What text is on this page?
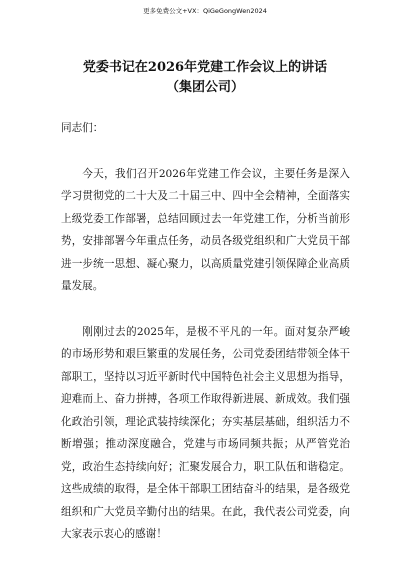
更多免费公文+VX：QiGeGongWen2024
党委书记在2026年党建工作会议上的讲话
（集团公司）

同志们：

今天，我们召开2026年党建工作会议，主要任务是深入学习贯彻党的二十大及二十届三中、四中全会精神，全面落实上级党委工作部署，总结回顾过去一年党建工作，分析当前形势，安排部署今年重点任务，动员各级党组织和广大党员干部进一步统一思想、凝心聚力，以高质量党建引领保障企业高质量发展。

刚刚过去的2025年，是极不平凡的一年。面对复杂严峻的市场形势和艰巨繁重的发展任务，公司党委团结带领全体干部职工，坚持以习近平新时代中国特色社会主义思想为指导，迎难而上、奋力拼搏，各项工作取得新进展、新成效。我们强化政治引领，理论武装持续深化；夯实基层基础，组织活力不断增强；推动深度融合，党建与市场同频共振；从严管党治党，政治生态持续向好；汇聚发展合力，职工队伍和谐稳定。这些成绩的取得，是全体干部职工团结奋斗的结果，是各级党组织和广大党员辛勤付出的结果。在此，我代表公司党委，向大家表示衷心的感谢！
